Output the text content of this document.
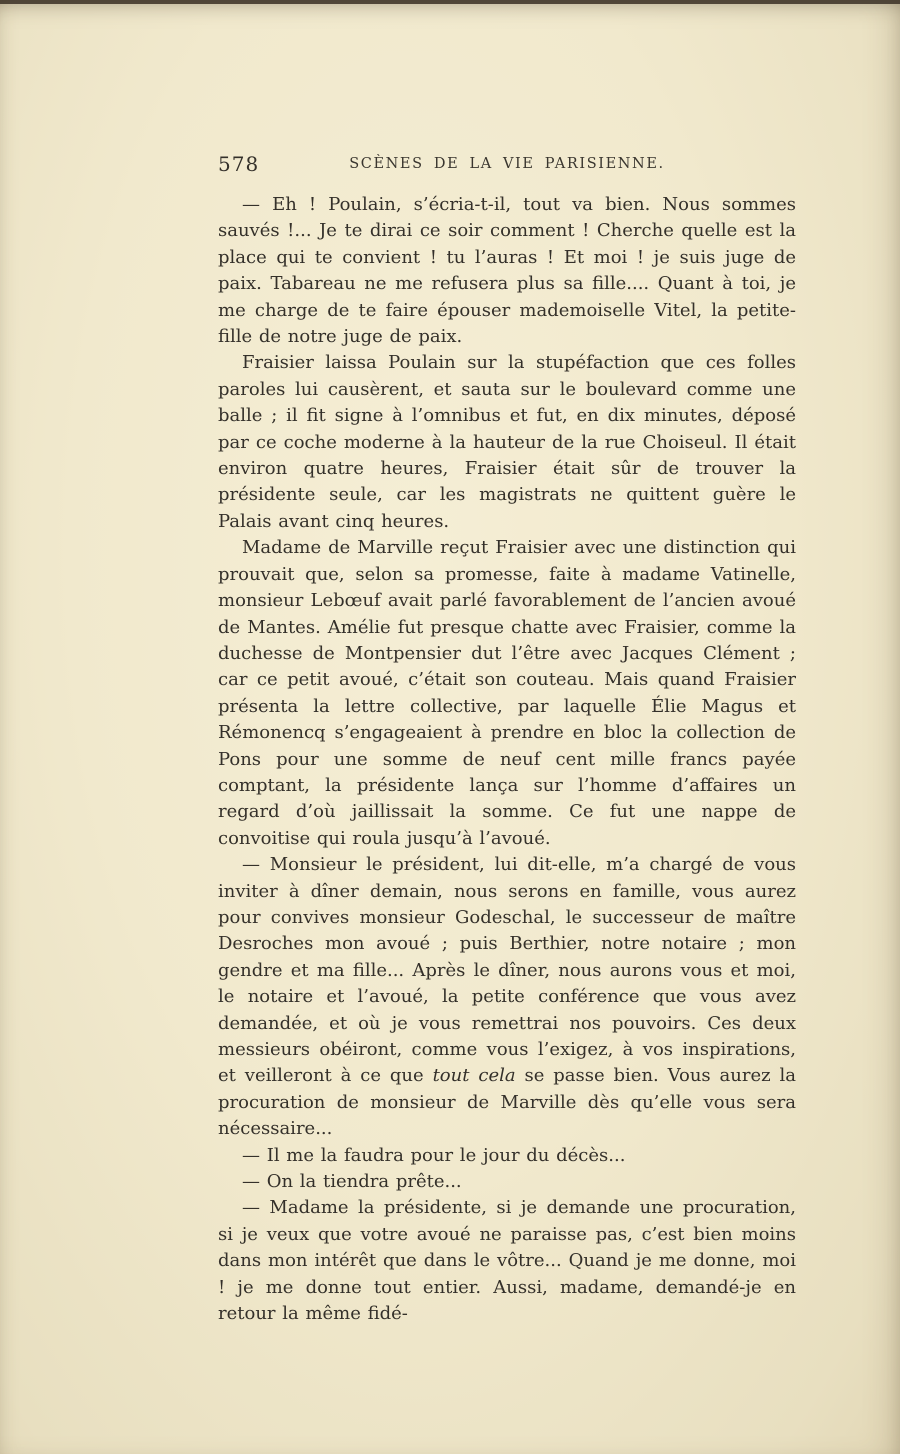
578	SCÈNES DE LA VIE PARISIENNE.

— Eh ! Poulain, s’écria-t-il, tout va bien. Nous sommes sauvés !... Je te dirai ce soir comment ! Cherche quelle est la place qui te convient ! tu l’auras ! Et moi ! je suis juge de paix. Tabareau ne me refusera plus sa fille.... Quant à toi, je me charge de te faire épouser mademoiselle Vitel, la petite-fille de notre juge de paix.

Fraisier laissa Poulain sur la stupéfaction que ces folles paroles lui causèrent, et sauta sur le boulevard comme une balle ; il fit signe à l’omnibus et fut, en dix minutes, déposé par ce coche moderne à la hauteur de la rue Choiseul. Il était environ quatre heures, Fraisier était sûr de trouver la présidente seule, car les magistrats ne quittent guère le Palais avant cinq heures.

Madame de Marville reçut Fraisier avec une distinction qui prouvait que, selon sa promesse, faite à madame Vatinelle, monsieur Lebœuf avait parlé favorablement de l’ancien avoué de Mantes. Amélie fut presque chatte avec Fraisier, comme la duchesse de Montpensier dut l’être avec Jacques Clément ; car ce petit avoué, c’était son couteau. Mais quand Fraisier présenta la lettre collective, par laquelle Élie Magus et Rémonencq s’engageaient à prendre en bloc la collection de Pons pour une somme de neuf cent mille francs payée comptant, la présidente lança sur l’homme d’affaires un regard d’où jaillissait la somme. Ce fut une nappe de convoitise qui roula jusqu’à l’avoué.

— Monsieur le président, lui dit-elle, m’a chargé de vous inviter à dîner demain, nous serons en famille, vous aurez pour convives monsieur Godeschal, le successeur de maître Desroches mon avoué ; puis Berthier, notre notaire ; mon gendre et ma fille... Après le dîner, nous aurons vous et moi, le notaire et l’avoué, la petite conférence que vous avez demandée, et où je vous remettrai nos pouvoirs. Ces deux messieurs obéiront, comme vous l’exigez, à vos inspirations, et veilleront à ce que tout cela se passe bien. Vous aurez la procuration de monsieur de Marville dès qu’elle vous sera nécessaire...

— Il me la faudra pour le jour du décès...

— On la tiendra prête...

— Madame la présidente, si je demande une procuration, si je veux que votre avoué ne paraisse pas, c’est bien moins dans mon intérêt que dans le vôtre... Quand je me donne, moi ! je me donne tout entier. Aussi, madame, demandé-je en retour la même fidé-
